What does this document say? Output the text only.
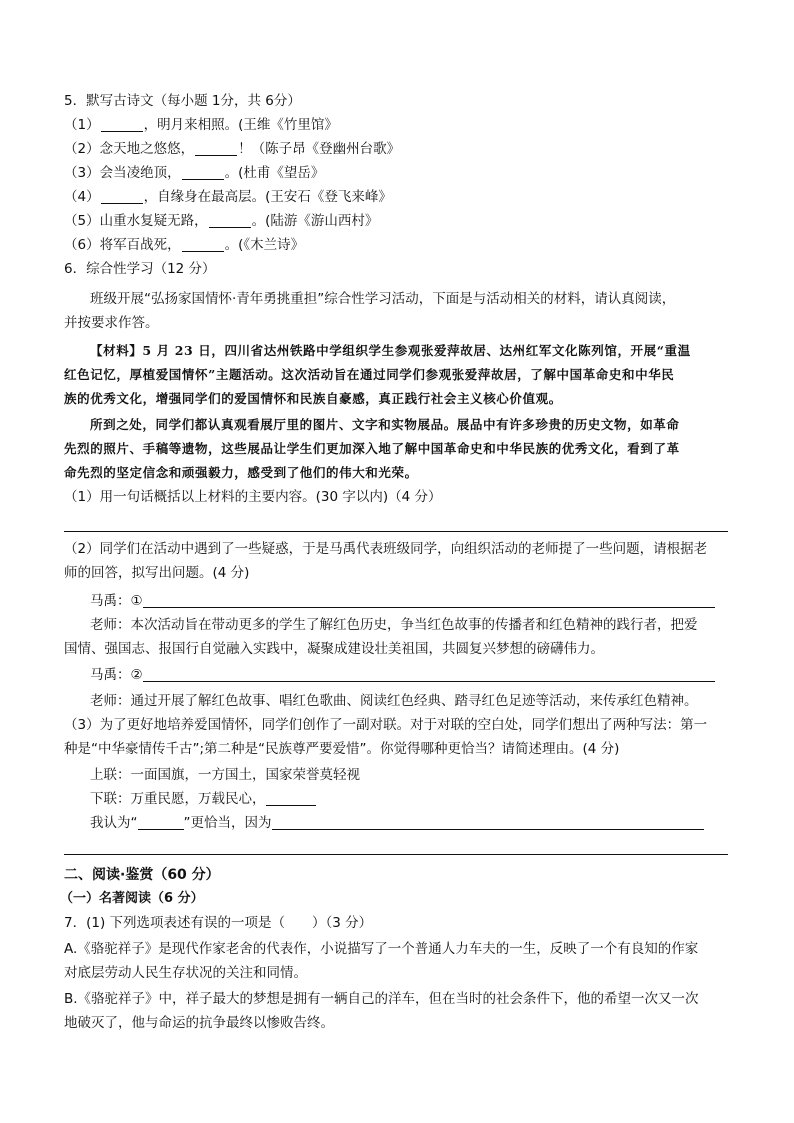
5．默写古诗文（每小题 1分，共 6分）
（1）	，明月来相照。(王维《竹里馆》
（2）念天地之悠悠，	！（陈子昂《登幽州台歌》
（3）会当凌绝顶，	。(杜甫《望岳》
（4）	，自缘身在最高层。(王安石《登飞来峰》
（5）山重水复疑无路，	。(陆游《游山西村》
（6）将军百战死，	。(《木兰诗》
6．综合性学习（12 分）
班级开展“弘扬家国情怀·青年勇挑重担”综合性学习活动，下面是与活动相关的材料，请认真阅读，
并按要求作答。
【材料】5 月 23 日，四川省达州铁路中学组织学生参观张爱萍故居、达州红军文化陈列馆，开展“重温
红色记忆，厚植爱国情怀”主题活动。这次活动旨在通过同学们参观张爱萍故居，了解中国革命史和中华民
族的优秀文化，增强同学们的爱国情怀和民族自豪感，真正践行社会主义核心价值观。
所到之处，同学们都认真观看展厅里的图片、文字和实物展品。展品中有许多珍贵的历史文物，如革命
先烈的照片、手稿等遗物，这些展品让学生们更加深入地了解中国革命史和中华民族的优秀文化，看到了革
命先烈的坚定信念和顽强毅力，感受到了他们的伟大和光荣。
（1）用一句话概括以上材料的主要内容。(30 字以内)（4 分）
（2）同学们在活动中遇到了一些疑惑，于是马禹代表班级同学，向组织活动的老师提了一些问题，请根据老
师的回答，拟写出问题。(4 分)
马禹：①
老师：本次活动旨在带动更多的学生了解红色历史，争当红色故事的传播者和红色精神的践行者，把爱
国情、强国志、报国行自觉融入实践中，凝聚成建设壮美祖国，共圆复兴梦想的磅礴伟力。
马禹：②
老师：通过开展了解红色故事、唱红色歌曲、阅读红色经典、踏寻红色足迹等活动，来传承红色精神。
（3）为了更好地培养爱国情怀，同学们创作了一副对联。对于对联的空白处，同学们想出了两种写法：第一
种是“中华豪情传千古”;第二种是“民族尊严要爱惜”。你觉得哪种更恰当？请简述理由。(4 分)
上联：一面国旗，一方国土，国家荣誉莫轻视
下联：万重民愿，万载民心，
我认为“	”更恰当，因为
二、阅读·鉴赏（60 分）
（一）名著阅读（6 分）
7．(1) 下列选项表述有误的一项是（　　）（3 分）
A.《骆驼祥子》是现代作家老舍的代表作，小说描写了一个普通人力车夫的一生，反映了一个有良知的作家
对底层劳动人民生存状况的关注和同情。
B.《骆驼祥子》中，祥子最大的梦想是拥有一辆自己的洋车，但在当时的社会条件下，他的希望一次又一次
地破灭了，他与命运的抗争最终以惨败告终。
